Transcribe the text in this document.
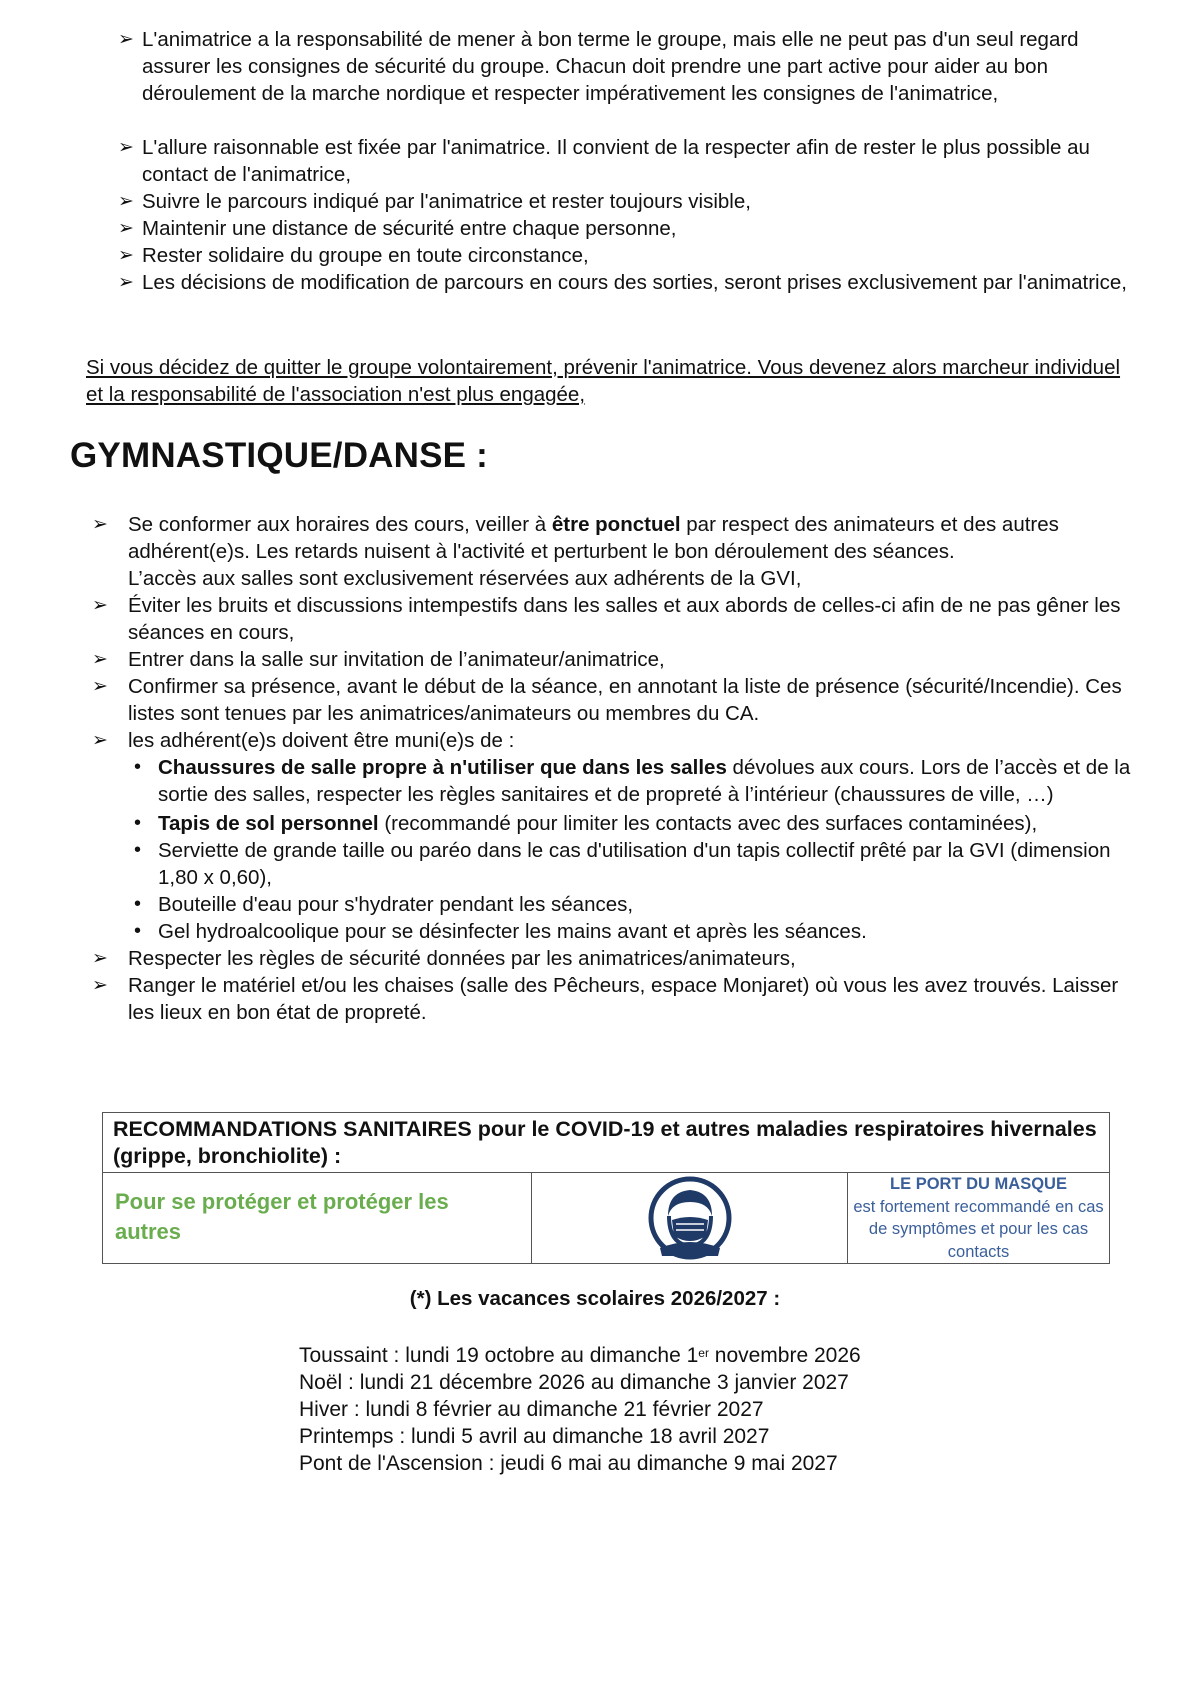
➢ L'animatrice a la responsabilité de mener à bon terme le groupe, mais elle ne peut pas d'un seul regard assurer les consignes de sécurité du groupe. Chacun doit prendre une part active pour aider au bon déroulement de la marche nordique et respecter impérativement les consignes de l'animatrice,
➢ L'allure raisonnable est fixée par l'animatrice. Il convient de la respecter afin de rester le plus possible au contact de l'animatrice,
➢ Suivre le parcours indiqué par l'animatrice et rester toujours visible,
➢ Maintenir une distance de sécurité entre chaque personne,
➢ Rester solidaire du groupe en toute circonstance,
➢ Les décisions de modification de parcours en cours des sorties, seront prises exclusivement par l'animatrice,

Si vous décidez de quitter le groupe volontairement, prévenir l'animatrice. Vous devenez alors marcheur individuel et la responsabilité de l'association n'est plus engagée,

GYMNASTIQUE/DANSE :
➢ Se conformer aux horaires des cours, veiller à être ponctuel par respect des animateurs et des autres adhérent(e)s. Les retards nuisent à l'activité et perturbent le bon déroulement des séances.
L’accès aux salles sont exclusivement réservées aux adhérents de la GVI,
➢ Éviter les bruits et discussions intempestifs dans les salles et aux abords de celles-ci afin de ne pas gêner les séances en cours,
➢ Entrer dans la salle sur invitation de l’animateur/animatrice,
➢ Confirmer sa présence, avant le début de la séance, en annotant la liste de présence (sécurité/Incendie). Ces listes sont tenues par les animatrices/animateurs ou membres du CA.
➢ les adhérent(e)s doivent être muni(e)s de :
• Chaussures de salle propre à n'utiliser que dans les salles dévolues aux cours. Lors de l’accès et de la sortie des salles, respecter les règles sanitaires et de propreté à l’intérieur (chaussures de ville, …)
• Tapis de sol personnel (recommandé pour limiter les contacts avec des surfaces contaminées),
• Serviette de grande taille ou paréo dans le cas d'utilisation d'un tapis collectif prêté par la GVI (dimension 1,80 x 0,60),
• Bouteille d'eau pour s'hydrater pendant les séances,
• Gel hydroalcoolique pour se désinfecter les mains avant et après les séances.
➢ Respecter les règles de sécurité données par les animatrices/animateurs,
➢ Ranger le matériel et/ou les chaises (salle des Pêcheurs, espace Monjaret) où vous les avez trouvés. Laisser les lieux en bon état de propreté.
RECOMMANDATIONS SANITAIRES pour le COVID-19 et autres maladies respiratoires hivernales (grippe, bronchiolite) :
Pour se protéger et protéger les autres
LE PORT DU MASQUE
est fortement recommandé en cas de symptômes et pour les cas contacts

(*) Les vacances scolaires 2026/2027 :

Toussaint : lundi 19 octobre au dimanche 1er novembre 2026
Noël : lundi 21 décembre 2026 au dimanche 3 janvier 2027
Hiver : lundi 8 février au dimanche 21 février 2027
Printemps : lundi 5 avril au dimanche 18 avril 2027
Pont de l'Ascension : jeudi 6 mai au dimanche 9 mai 2027
